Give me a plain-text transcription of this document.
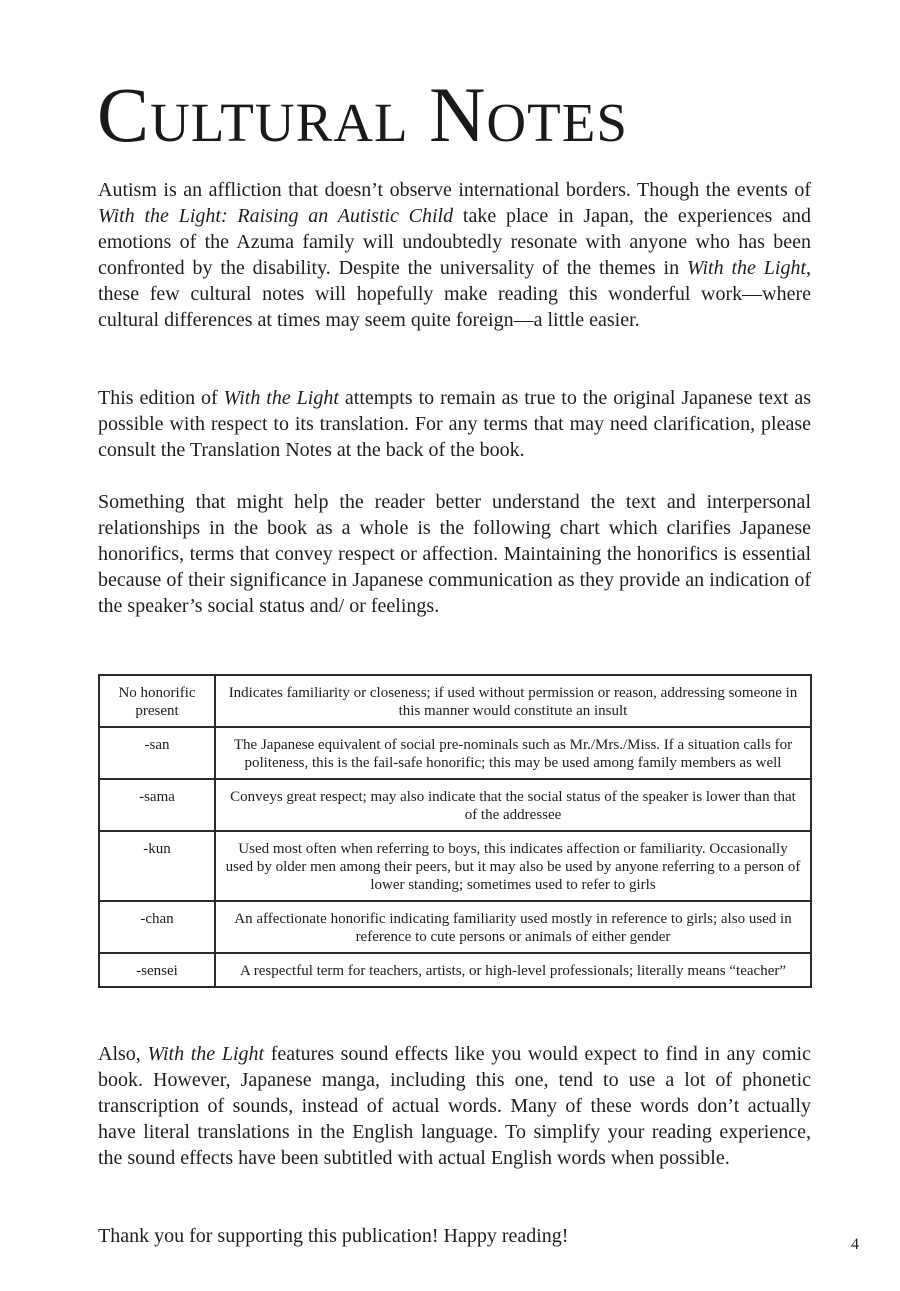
Cultural Notes

Autism is an affliction that doesn’t observe international borders. Though the events of With the Light: Raising an Autistic Child take place in Japan, the experiences and emotions of the Azuma family will undoubtedly resonate with anyone who has been confronted by the disability. Despite the universality of the themes in With the Light, these few cultural notes will hopefully make reading this wonderful work—where cultural differences at times may seem quite foreign—a little easier.

This edition of With the Light attempts to remain as true to the original Japanese text as possible with respect to its translation. For any terms that may need clarification, please consult the Translation Notes at the back of the book.

Something that might help the reader better understand the text and interpersonal relationships in the book as a whole is the following chart which clarifies Japanese honorifics, terms that convey respect or affection. Maintaining the honorifics is essential because of their significance in Japanese communication as they provide an indication of the speaker’s social status and/ or feelings.

No honorific present	Indicates familiarity or closeness; if used without permission or reason, addressing someone in this manner would constitute an insult
-san	The Japanese equivalent of social pre-nominals such as Mr./Mrs./Miss. If a situation calls for politeness, this is the fail-safe honorific; this may be used among family members as well
-sama	Conveys great respect; may also indicate that the social status of the speaker is lower than that of the addressee
-kun	Used most often when referring to boys, this indicates affection or familiarity. Occasionally used by older men among their peers, but it may also be used by anyone referring to a person of lower standing; sometimes used to refer to girls
-chan	An affectionate honorific indicating familiarity used mostly in reference to girls; also used in reference to cute persons or animals of either gender
-sensei	A respectful term for teachers, artists, or high-level professionals; literally means “teacher”

Also, With the Light features sound effects like you would expect to find in any comic book. However, Japanese manga, including this one, tend to use a lot of phonetic transcription of sounds, instead of actual words. Many of these words don’t actually have literal translations in the English language. To simplify your reading experience, the sound effects have been subtitled with actual English words when possible.

Thank you for supporting this publication! Happy reading!	4
